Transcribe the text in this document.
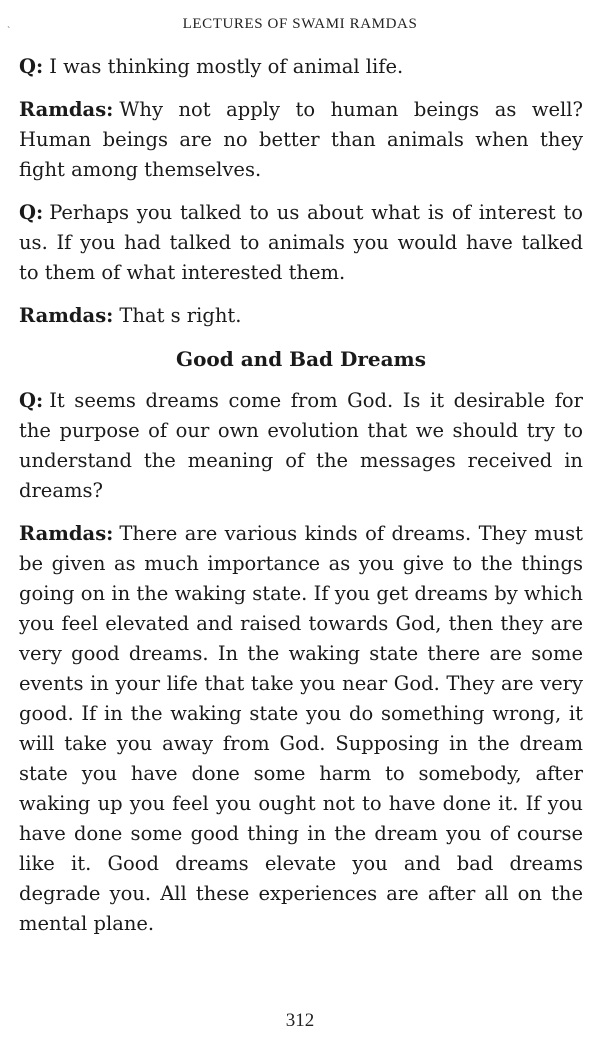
`	LECTURES OF SWAMI RAMDAS

Q: I was thinking mostly of animal life.

Ramdas: Why not apply to human beings as well? Human beings are no better than animals when they fight among themselves.

Q: Perhaps you talked to us about what is of interest to us. If you had talked to animals you would have talked to them of what interested them.

Ramdas: That s right.

Good and Bad Dreams

Q: It seems dreams come from God. Is it desirable for the purpose of our own evolution that we should try to understand the meaning of the messages received in dreams?

Ramdas: There are various kinds of dreams. They must be given as much importance as you give to the things going on in the waking state. If you get dreams by which you feel elevated and raised towards God, then they are very good dreams. In the waking state there are some events in your life that take you near God. They are very good. If in the waking state you do something wrong, it will take you away from God. Supposing in the dream state you have done some harm to somebody, after waking up you feel you ought not to have done it. If you have done some good thing in the dream you of course like it. Good dreams elevate you and bad dreams degrade you. All these experiences are after all on the mental plane.

312
